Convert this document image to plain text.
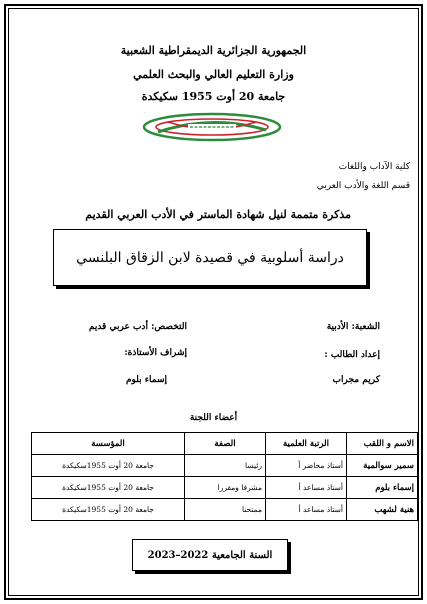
الجمهورية الجزائرية الديمقراطية الشعبية
وزارة التعليم العالي والبحث العلمي
جامعة 20 أوت 1955 سكيكدة
كلية الآداب واللغات
قسم اللغة والأدب العربي
مذكرة متممة لنيل شهادة الماستر في الأدب العربي القديم
دراسة أسلوبية في قصيدة لابن الزقاق البلنسي
الشعبة: الأدبية
التخصص: أدب عربي قديم
إعداد الطالب :
إشراف الأستاذة:
كريم مجراب
إسماء بلوم
أعضاء اللجنة
الاسم و اللقب	الرتبة العلمية	الصفة	المؤسسة
سمير سوالمية	أستاذ محاضر أ	رئيسا	جامعة 20 أوت 1955سكيكدة
إسماء بلوم	أستاذ مساعد أ	مشرفا ومقررا	جامعة 20 أوت 1955سكيكدة
هنية لشهب	أستاذ مساعد أ	ممتحنا	جامعة 20 أوت 1955سكيكدة
السنة الجامعية 2022–2023
